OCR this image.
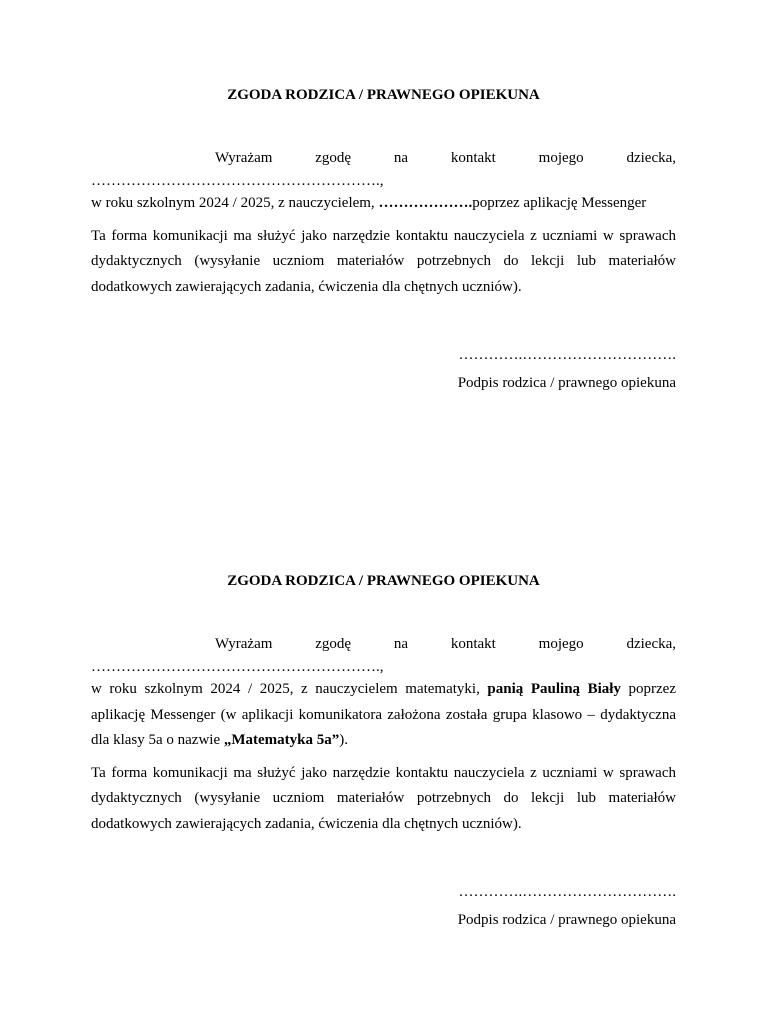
ZGODA RODZICA / PRAWNEGO OPIEKUNA
Wyrażam	zgodę	na	kontakt	mojego	dziecka,

………………………………………………….,

w roku szkolnym 2024 / 2025, z nauczycielem, ……………….poprzez aplikację Messenger

Ta forma komunikacji ma służyć jako narzędzie kontaktu nauczyciela z uczniami w sprawach dydaktycznych (wysyłanie uczniom materiałów potrzebnych do lekcji lub materiałów dodatkowych zawierających zadania, ćwiczenia dla chętnych uczniów).

………….………………………….
Podpis rodzica / prawnego opiekuna
ZGODA RODZICA / PRAWNEGO OPIEKUNA
Wyrażam	zgodę	na	kontakt	mojego	dziecka,

………………………………………………….,

w roku szkolnym 2024 / 2025, z nauczycielem matematyki, panią Pauliną Biały poprzez aplikację Messenger (w aplikacji komunikatora założona została grupa klasowo – dydaktyczna dla klasy 5a o nazwie „Matematyka 5a”).

Ta forma komunikacji ma służyć jako narzędzie kontaktu nauczyciela z uczniami w sprawach dydaktycznych (wysyłanie uczniom materiałów potrzebnych do lekcji lub materiałów dodatkowych zawierających zadania, ćwiczenia dla chętnych uczniów).

………….………………………….
Podpis rodzica / prawnego opiekuna
